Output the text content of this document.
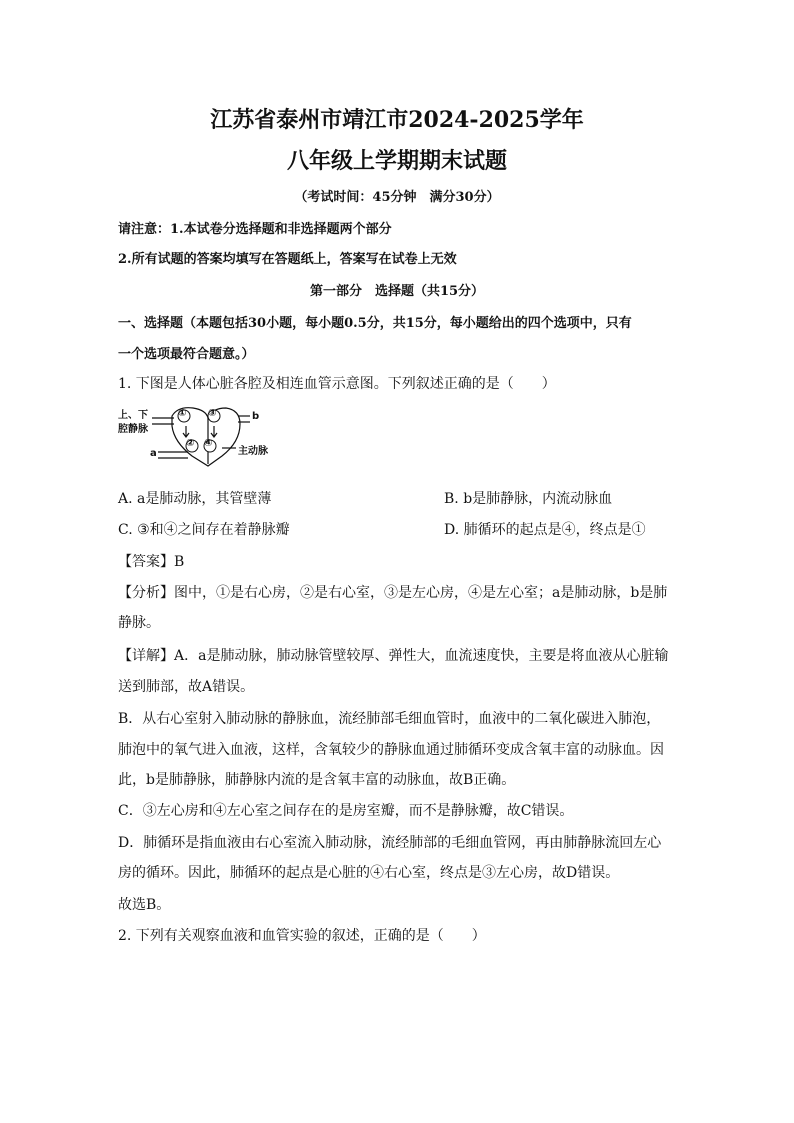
江苏省泰州市靖江市2024-2025学年
八年级上学期期末试题
（考试时间：45分钟　满分30分）
请注意：1.本试卷分选择题和非选择题两个部分
2.所有试题的答案均填写在答题纸上，答案写在试卷上无效
第一部分　选择题（共15分）
一、选择题（本题包括30小题，每小题0.5分，共15分，每小题给出的四个选项中，只有
一个选项最符合题意。）
1. 下图是人体心脏各腔及相连血管示意图。下列叙述正确的是（　　）
上、下
腔静脉
① ③
② ④
b
a	主动脉
A. a是肺动脉，其管壁薄	B. b是肺静脉，内流动脉血
C. ③和④之间存在着静脉瓣	D. 肺循环的起点是④，终点是①
【答案】B
【分析】图中，①是右心房，②是右心室，③是左心房，④是左心室；a是肺动脉，b是肺
静脉。
【详解】A．a是肺动脉，肺动脉管壁较厚、弹性大，血流速度快，主要是将血液从心脏输
送到肺部，故A错误。
B．从右心室射入肺动脉的静脉血，流经肺部毛细血管时，血液中的二氧化碳进入肺泡，
肺泡中的氧气进入血液，这样，含氧较少的静脉血通过肺循环变成含氧丰富的动脉血。因
此，b是肺静脉，肺静脉内流的是含氧丰富的动脉血，故B正确。
C．③左心房和④左心室之间存在的是房室瓣，而不是静脉瓣，故C错误。
D．肺循环是指血液由右心室流入肺动脉，流经肺部的毛细血管网，再由肺静脉流回左心
房的循环。因此，肺循环的起点是心脏的④右心室，终点是③左心房，故D错误。
故选B。
2. 下列有关观察血液和血管实验的叙述，正确的是（　　）
